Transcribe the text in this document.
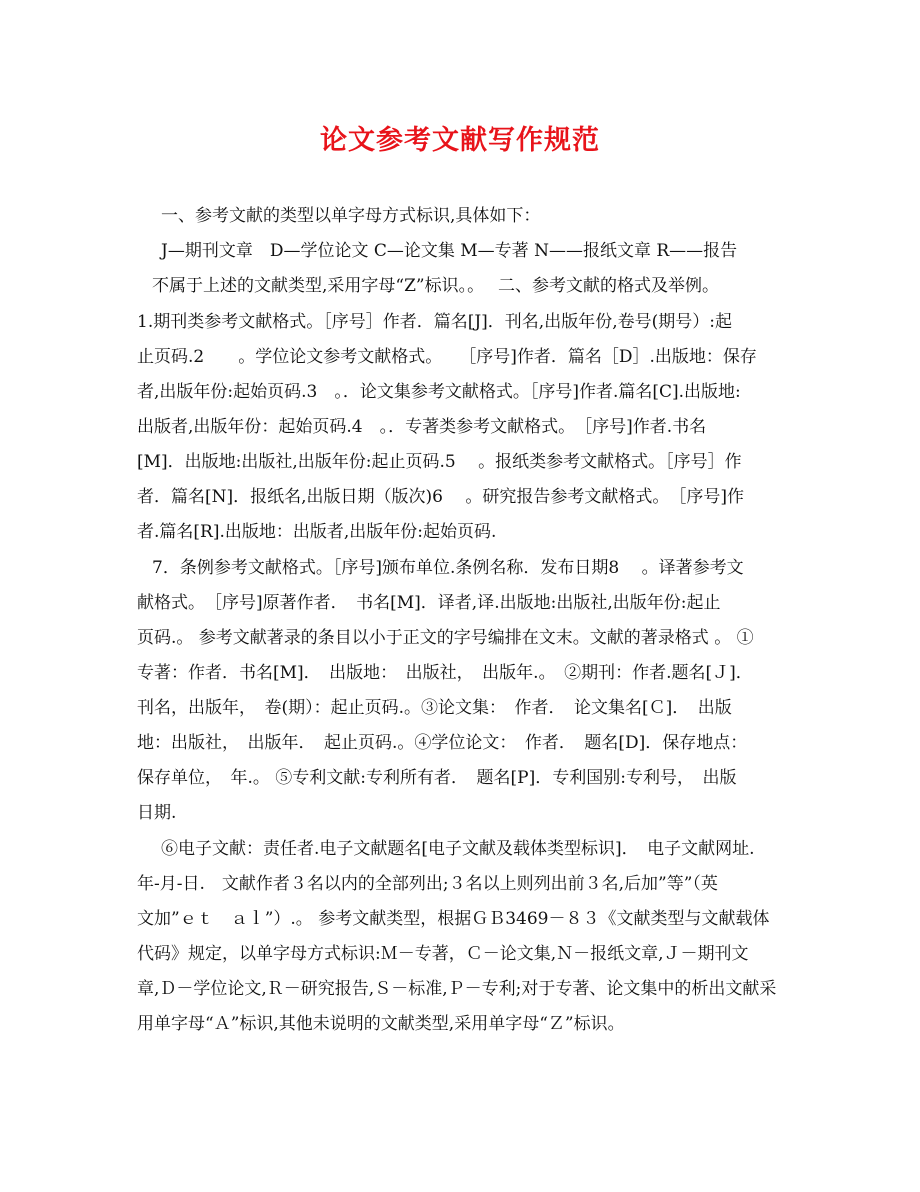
论文参考文献写作规范
一、参考文献的类型以单字母方式标识,具体如下：
J—期刊文章　D—学位论文 C—论文集 M—专著 N——报纸文章 R——报告
不属于上述的文献类型,采用字母“Z”标识。。　 二、参考文献的格式及举例。
1.期刊类参考文献格式。［序号］作者．篇名[J]．刊名,出版年份,卷号(期号）:起
止页码.2　　。学位论文参考文献格式。　　［序号]作者．篇名［D］.出版地：保存
者,出版年份:起始页码.3　。．论文集参考文献格式。［序号]作者.篇名[C].出版地:
出版者,出版年份：起始页码.4　。．专著类参考文献格式。　［序号]作者.书名
[M]．出版地:出版社,出版年份:起止页码.5　 。报纸类参考文献格式。［序号］作
者．篇名[N]．报纸名,出版日期（版次)6　 。研究报告参考文献格式。　［序号]作
者.篇名[R].出版地：出版者,出版年份:起始页码.
7．条例参考文献格式。［序号]颁布单位.条例名称．发布日期8　 。译著参考文
献格式。　［序号]原著作者．　书名[M]．译者,译.出版地:出版社,出版年份:起止
页码.。 参考文献著录的条目以小于正文的字号编排在文末。文献的著录格式 。 ①
专著：作者．书名[M]．　出版地：　出版社，　出版年.。　②期刊：作者.题名[Ｊ]．
刊名，出版年，　卷(期）：起止页码.。③论文集：　作者．　论文集名[Ｃ]．　出版
地：出版社，　出版年．　起止页码.。④学位论文：　作者．　题名[D]．保存地点：
保存单位，　年.。 ⑤专利文献:专利所有者．　题名[P]．专利国别:专利号，　出版
日期.
⑥电子文献：责任者.电子文献题名[电子文献及载体类型标识]．　电子文献网址.
年-月-日.　文献作者３名以内的全部列出;３名以上则列出前３名,后加”等”（英
文加”ｅｔ　ａｌ”）.。 参考文献类型，根据ＧＢ3469－８３《文献类型与文献载体
代码》规定，以单字母方式标识:Ｍ－专著，Ｃ－论文集,Ｎ－报纸文章,Ｊ－期刊文
章,Ｄ－学位论文,Ｒ－研究报告,Ｓ－标准,Ｐ－专利;对于专著、论文集中的析出文献采
用单字母“Ａ”标识,其他未说明的文献类型,采用单字母“Ｚ”标识。
